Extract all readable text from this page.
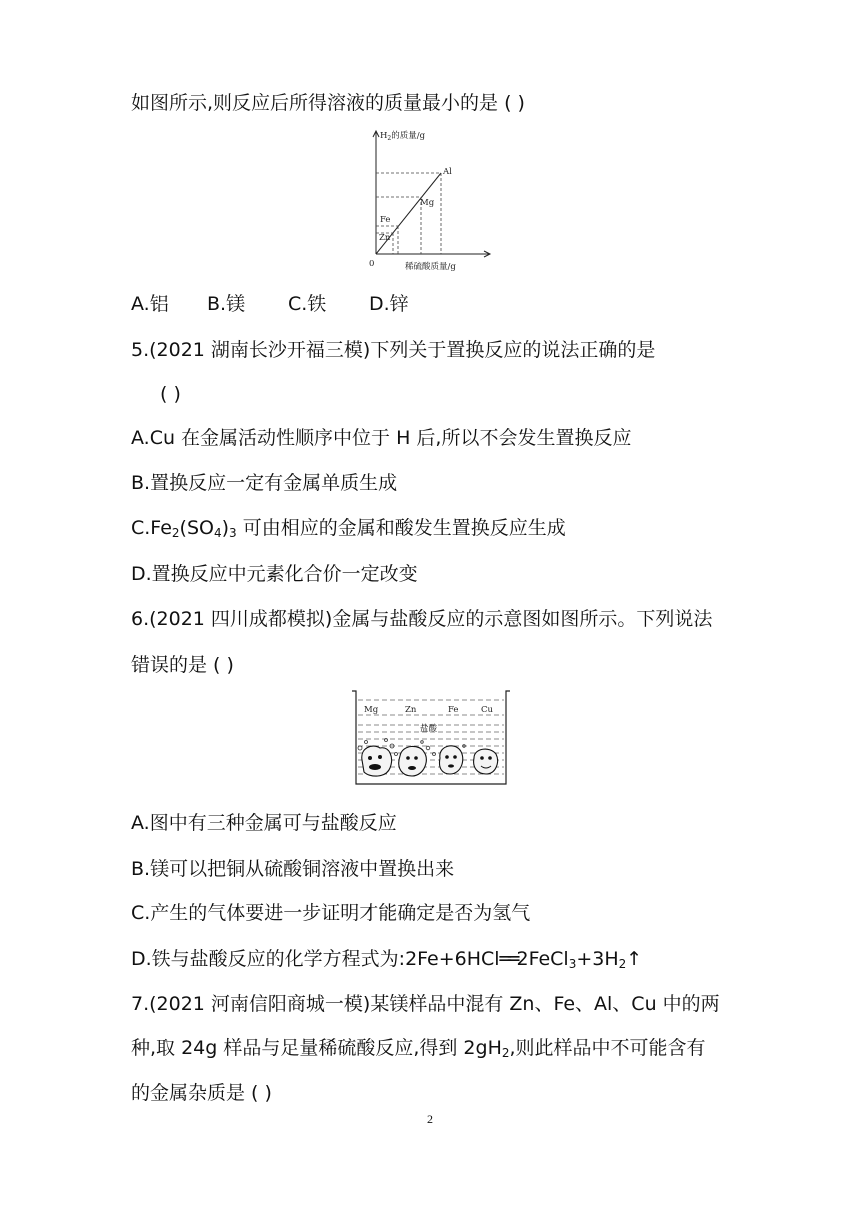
如图所示,则反应后所得溶液的质量最小的是 ( )
$H_2$的质量/g
0	稀硫酸质量/g
Al
Mg
Fe
Zn
A.铝 B.镁 C.铁 D.锌
5.(2021 湖南长沙开福三模)下列关于置换反应的说法正确的是
( )
A.Cu 在金属活动性顺序中位于 H 后,所以不会发生置换反应
B.置换反应一定有金属单质生成
$C.Fe_2(SO_4)_3$ 可由相应的金属和酸发生置换反应生成
D.置换反应中元素化合价一定改变
6.(2021 四川成都模拟)金属与盐酸反应的示意图如图所示。下列说法
错误的是 ( )
Mg	Zn	Fe	Cu
盐酸
A.图中有三种金属可与盐酸反应
B.镁可以把铜从硫酸铜溶液中置换出来
C.产生的气体要进一步证明才能确定是否为氢气
D.铁与盐酸反应的化学方程式为$:2Fe+6HCl══2FeCl_3+3H_2↑$
7.(2021 河南信阳商城一模)某镁样品中混有 Zn、Fe、Al、Cu 中的两
种,取 24g 样品与足量稀硫酸反应,得到 $2gH_2$,则此样品中不可能含有
的金属杂质是 ( )
2
